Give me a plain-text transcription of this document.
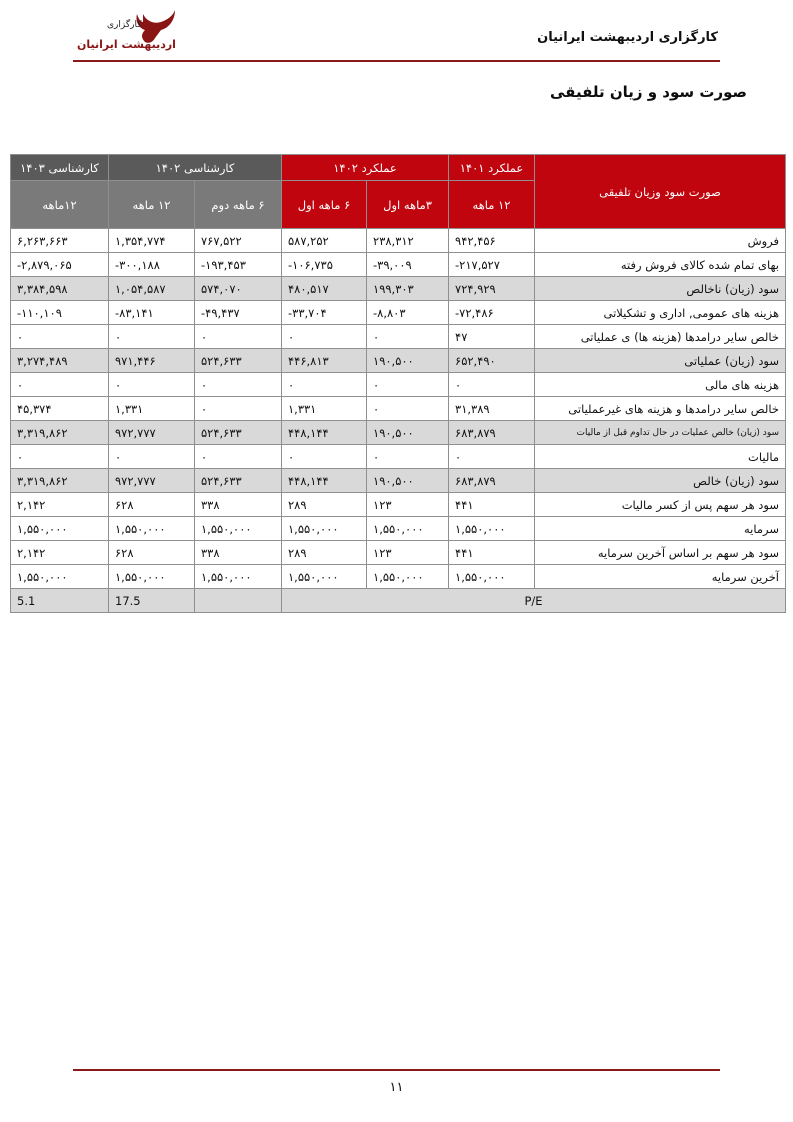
کارگزاری اردیبهشت ایرانیان
کارگزاری
اردیبهشت ایرانیان
صورت سود و زیان تلفیقی
صورت سود وزیان تلفیقی	عملکرد ۱۴۰۱	عملکرد ۱۴۰۲		کارشناسی ۱۴۰۲		کارشناسی ۱۴۰۳
	۱۲ ماهه	۳ماهه اول	۶ ماهه اول	۶ ماهه دوم	۱۲ ماهه	۱۲ماهه
فروش	۹۴۲,۴۵۶	۲۳۸,۳۱۲	۵۸۷,۲۵۲	۷۶۷,۵۲۲	۱,۳۵۴,۷۷۴	۶,۲۶۳,۶۶۳
بهای تمام شده کالای فروش رفته	-۲۱۷,۵۲۷	-۳۹,۰۰۹	-۱۰۶,۷۳۵	-۱۹۳,۴۵۳	-۳۰۰,۱۸۸	-۲,۸۷۹,۰۶۵
سود (زیان) ناخالص	۷۲۴,۹۲۹	۱۹۹,۳۰۳	۴۸۰,۵۱۷	۵۷۴,۰۷۰	۱,۰۵۴,۵۸۷	۳,۳۸۴,۵۹۸
هزینه های عمومی, اداری و تشکیلاتی	-۷۲,۴۸۶	-۸,۸۰۳	-۳۳,۷۰۴	-۴۹,۴۳۷	-۸۳,۱۴۱	-۱۱۰,۱۰۹
خالص سایر درامدها (هزینه ها) ی عملیاتی	۴۷	۰	۰	۰	۰	۰
سود (زیان) عملیاتی	۶۵۲,۴۹۰	۱۹۰,۵۰۰	۴۴۶,۸۱۳	۵۲۴,۶۳۳	۹۷۱,۴۴۶	۳,۲۷۴,۴۸۹
هزینه های مالی	۰	۰	۰	۰	۰	۰
خالص سایر درامدها و هزینه های غیرعملیاتی	۳۱,۳۸۹	۰	۱,۳۳۱	۰	۱,۳۳۱	۴۵,۳۷۴
سود (زیان) خالص عملیات در حال تداوم قبل از مالیات	۶۸۳,۸۷۹	۱۹۰,۵۰۰	۴۴۸,۱۴۴	۵۲۴,۶۳۳	۹۷۲,۷۷۷	۳,۳۱۹,۸۶۲
مالیات	۰	۰	۰	۰	۰	۰
سود (زیان) خالص	۶۸۳,۸۷۹	۱۹۰,۵۰۰	۴۴۸,۱۴۴	۵۲۴,۶۳۳	۹۷۲,۷۷۷	۳,۳۱۹,۸۶۲
سود هر سهم پس از کسر مالیات	۴۴۱	۱۲۳	۲۸۹	۳۳۸	۶۲۸	۲,۱۴۲
سرمایه	۱,۵۵۰,۰۰۰	۱,۵۵۰,۰۰۰	۱,۵۵۰,۰۰۰	۱,۵۵۰,۰۰۰	۱,۵۵۰,۰۰۰	۱,۵۵۰,۰۰۰
سود هر سهم بر اساس آخرین سرمایه	۴۴۱	۱۲۳	۲۸۹	۳۳۸	۶۲۸	۲,۱۴۲
آخرین سرمایه	۱,۵۵۰,۰۰۰	۱,۵۵۰,۰۰۰	۱,۵۵۰,۰۰۰	۱,۵۵۰,۰۰۰	۱,۵۵۰,۰۰۰	۱,۵۵۰,۰۰۰
P/E					17.5	5.1
۱۱
